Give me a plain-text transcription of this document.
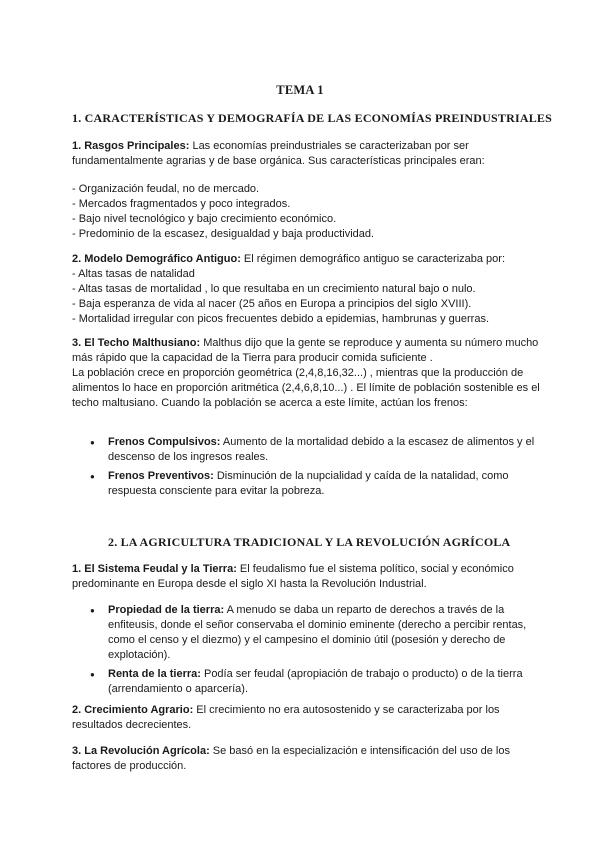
TEMA 1
1. CARACTERÍSTICAS Y DEMOGRAFÍA DE LAS ECONOMÍAS PREINDUSTRIALES
1. Rasgos Principales: Las economías preindustriales se caracterizaban por ser fundamentalmente agrarias y de base orgánica. Sus características principales eran:
- Organización feudal, no de mercado.
- Mercados fragmentados y poco integrados.
- Bajo nivel tecnológico y bajo crecimiento económico.
- Predominio de la escasez, desigualdad y baja productividad.
2. Modelo Demográfico Antiguo: El régimen demográfico antiguo se caracterizaba por:
- Altas tasas de natalidad
- Altas tasas de mortalidad , lo que resultaba en un crecimiento natural bajo o nulo.
- Baja esperanza de vida al nacer (25 años en Europa a principios del siglo XVIII).
- Mortalidad irregular con picos frecuentes debido a epidemias, hambrunas y guerras.
3. El Techo Malthusiano: Malthus dijo que la gente se reproduce y aumenta su número mucho más rápido que la capacidad de la Tierra para producir comida suficiente .
La población crece en proporción geométrica (2,4,8,16,32...) , mientras que la producción de alimentos lo hace en proporción aritmética (2,4,6,8,10...) . El límite de población sostenible es el techo maltusiano. Cuando la población se acerca a este límite, actúan los frenos:
● Frenos Compulsivos: Aumento de la mortalidad debido a la escasez de alimentos y el descenso de los ingresos reales.
● Frenos Preventivos: Disminución de la nupcialidad y caída de la natalidad, como respuesta consciente para evitar la pobreza.
2. LA AGRICULTURA TRADICIONAL Y LA REVOLUCIÓN AGRÍCOLA
1. El Sistema Feudal y la Tierra: El feudalismo fue el sistema político, social y económico predominante en Europa desde el siglo XI hasta la Revolución Industrial.
● Propiedad de la tierra: A menudo se daba un reparto de derechos a través de la enfiteusis, donde el señor conservaba el dominio eminente (derecho a percibir rentas, como el censo y el diezmo) y el campesino el dominio útil (posesión y derecho de explotación).
● Renta de la tierra: Podía ser feudal (apropiación de trabajo o producto) o de la tierra (arrendamiento o aparcería).
2. Crecimiento Agrario: El crecimiento no era autosostenido y se caracterizaba por los resultados decrecientes.
3. La Revolución Agrícola: Se basó en la especialización e intensificación del uso de los factores de producción.
